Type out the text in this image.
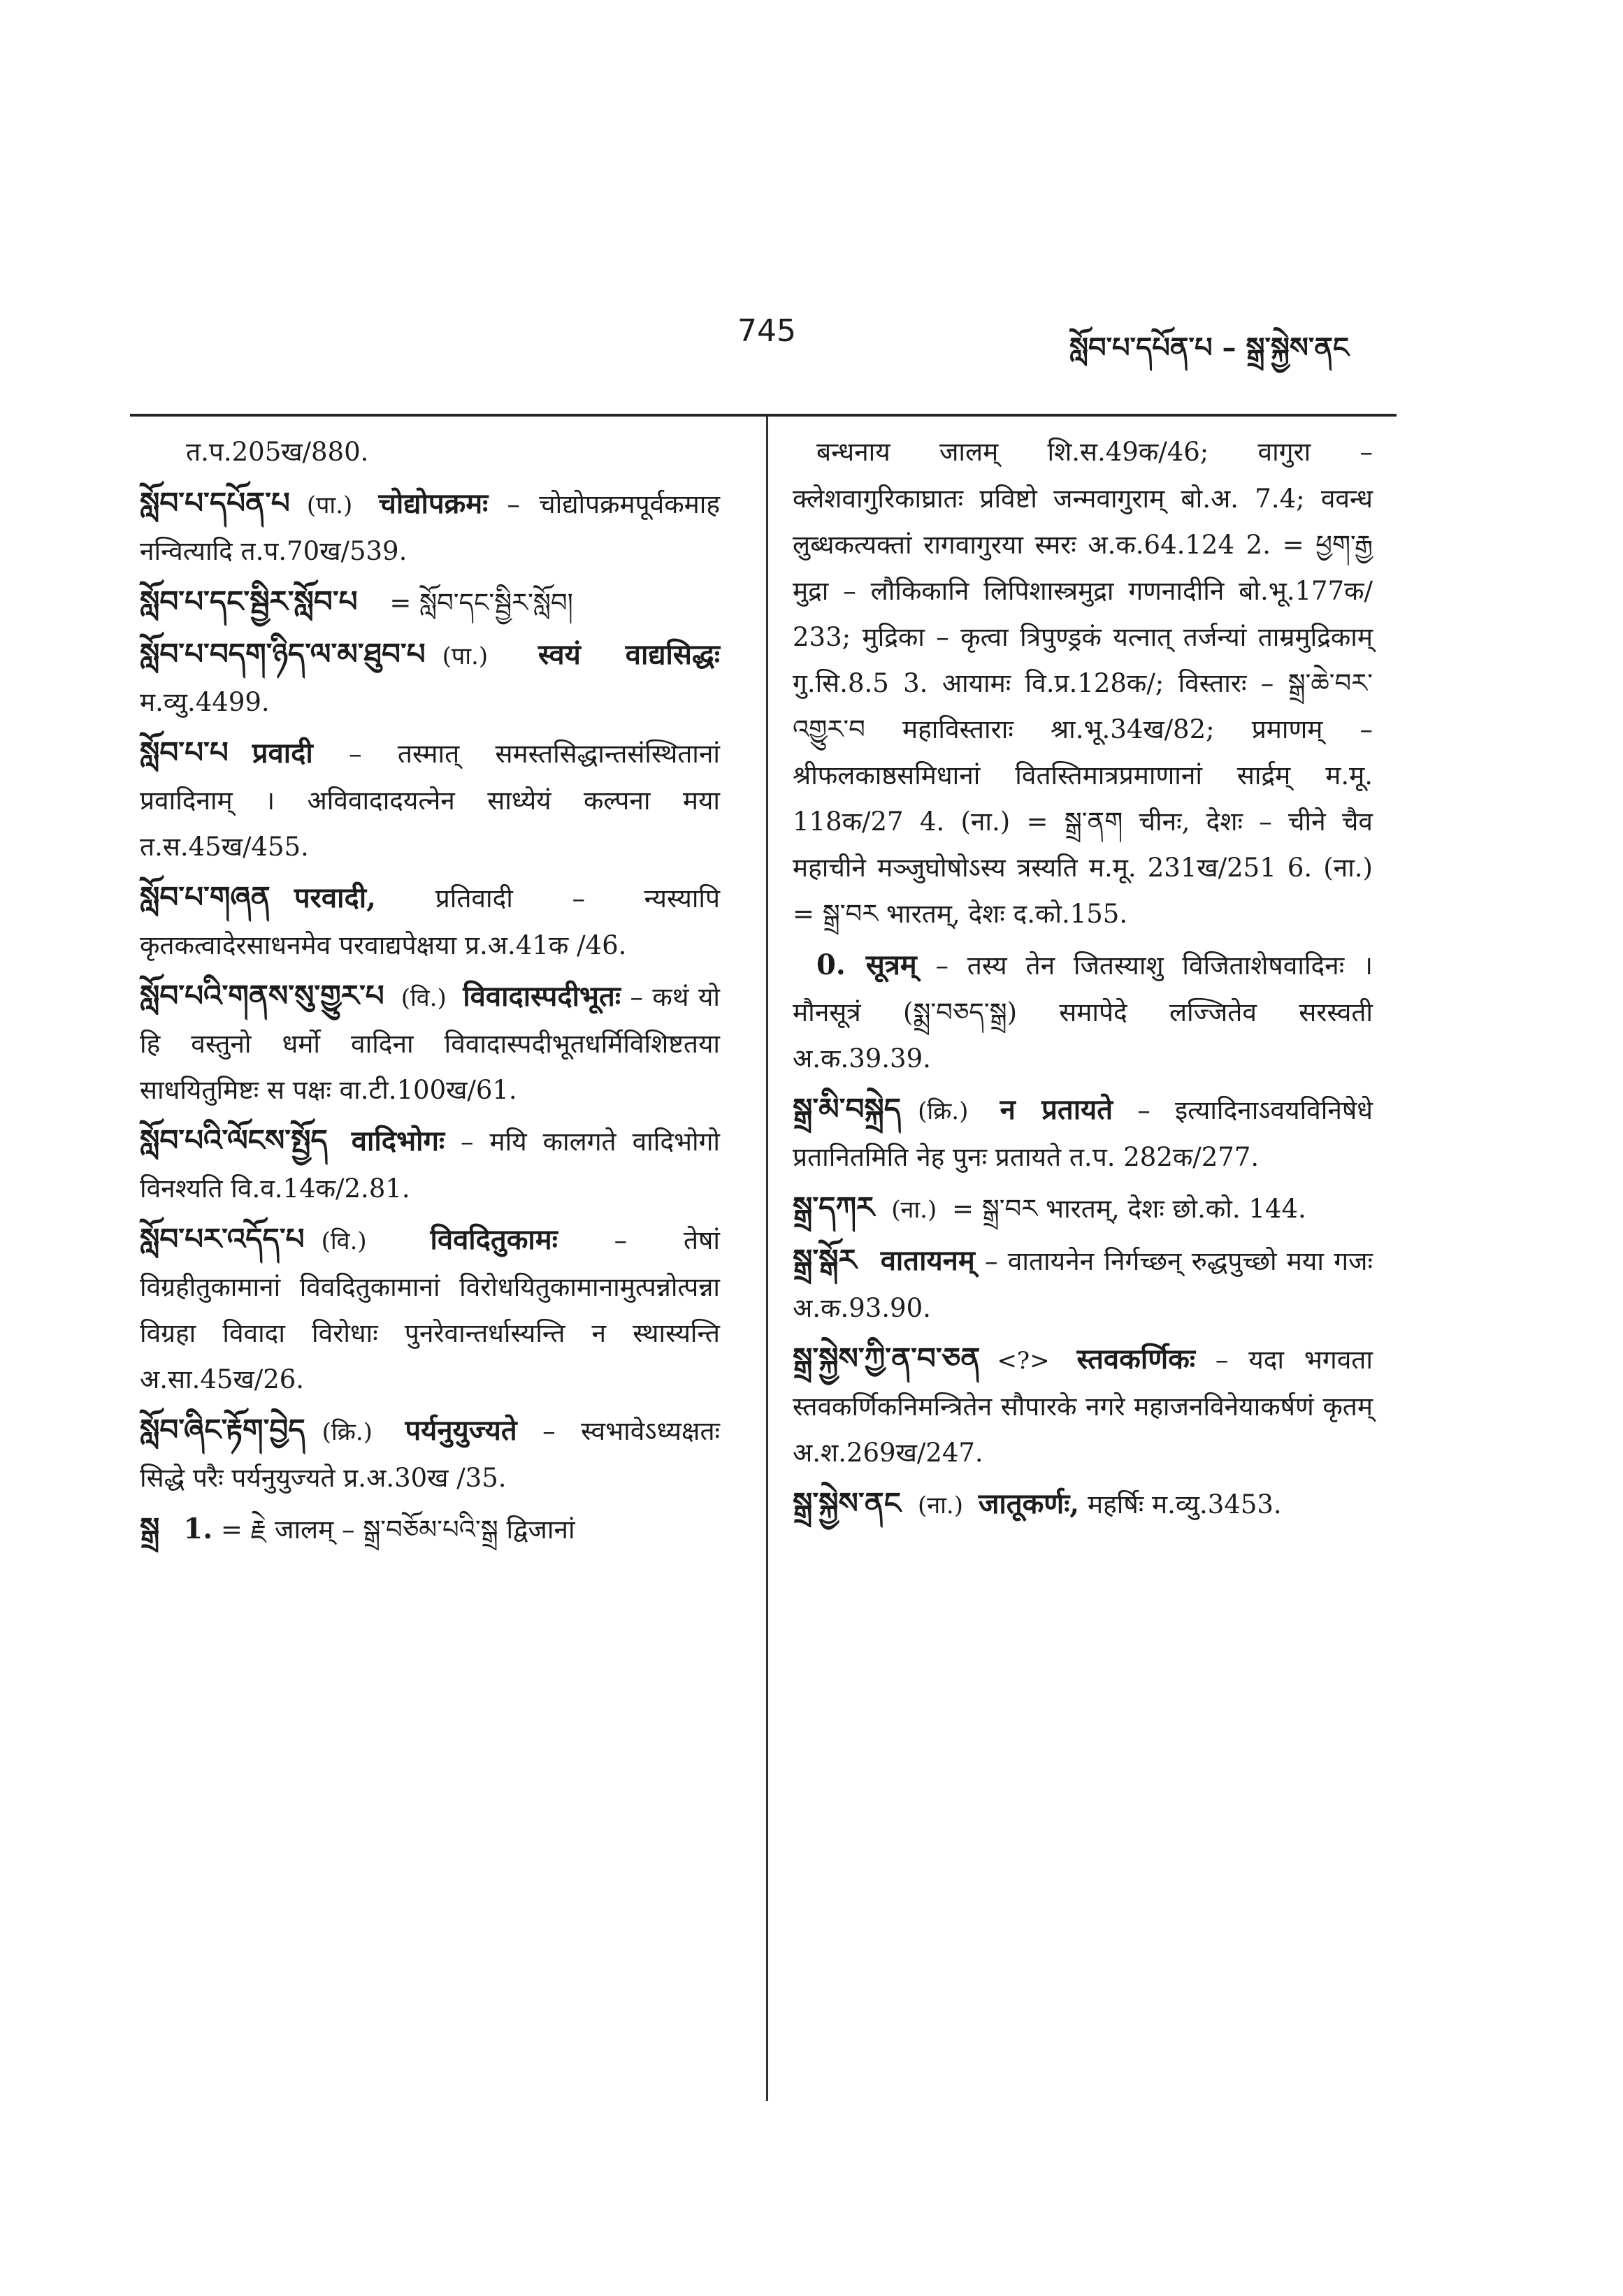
745	སློབ་པ་དཔོན་པ – སྒྲ་སྐྱེས་ནང
त.प.205ख/880.
སློབ་པ་དཔོན་པ (पा.) चोद्योपक्रमः – चोद्योपक्रमपूर्वकमाह नन्वित्यादि त.प.70ख/539.
སློབ་པ་དང་སྦྱིར་སློབ་པ = སློབ་དང་སྦྱིར་སློབ།
སློབ་པ་བདག་ཉིད་ལ་མ་ཐུབ་པ (पा.) स्वयं वाद्यसिद्धः म.व्यु.4499.
སློབ་པ་པ प्रवादी – तस्मात् समस्तसिद्धान्तसंस्थितानां प्रवादिनाम् । अविवादादयत्नेन साध्येयं कल्पना मया त.स.45ख/455.
སློབ་པ་གཞན परवादी, प्रतिवादी – न्यस्यापि कृतकत्वादेरसाधनमेव परवाद्यपेक्षया प्र.अ.41क /46.
སློབ་པའི་གནས་སུ་གྱུར་པ (वि.) विवादास्पदीभूतः – कथं यो हि वस्तुनो धर्मो वादिना विवादास्पदीभूतधर्मिविशिष्टतया साधयितुमिष्टः स पक्षः वा.टी.100ख/61.
སློབ་པའི་ལོངས་སྤྱོད वादिभोगः – मयि कालगते वादिभोगो विनश्यति वि.व.14क/2.81.
སློབ་པར་འདོད་པ (वि.) विवदितुकामः – तेषां विग्रहीतुकामानां विवदितुकामानां विरोधयितुकामानामुत्पन्नोत्पन्ना विग्रहा विवादा विरोधाः पुनरेवान्तर्धास्यन्ति न स्थास्यन्ति अ.सा.45ख/26.
སློབ་ཞིང་རྟོག་བྱེད (क्रि.) पर्यनुयुज्यते – स्वभावेऽध्यक्षतः सिद्धे परैः पर्यनुयुज्यते प्र.अ.30ख /35.
སྒྲ 1. = རྗེ जालम् – སྒྲ་བཅོམ་པའི་སྒྲ द्विजानां
बन्धनाय जालम् शि.स.49क/46; वागुरा – क्लेशवागुरिकाघ्रातः प्रविष्टो जन्मवागुराम् बो.अ. 7.4; ववन्ध लुब्धकत्यक्तां रागवागुरया स्मरः अ.क.64.124 2. = ཕྱག་རྒྱ मुद्रा – लौकिकानि लिपिशास्त्रमुद्रा गणनादीनि बो.भू.177क/ 233; मुद्रिका – कृत्वा त्रिपुण्ड्रकं यत्नात् तर्जन्यां ताम्रमुद्रिकाम् गु.सि.8.5 3. आयामः वि.प्र.128क/; विस्तारः – སྒྲ་ཆེ་བར་འགྱུར་བ महाविस्ताराः श्रा.भू.34ख/82; प्रमाणम् – श्रीफलकाष्ठसमिधानां वितस्तिमात्रप्रमाणानां सार्द्रम् म.मू. 118क/27 4. (ना.) = སྒྲ་ནག चीनः, देशः – चीने चैव महाचीने मञ्जुघोषोऽस्य त्रस्यति म.मू. 231ख/251 6. (ना.) = སྒྲ་བར भारतम्, देशः द.को.155.
0. सूत्रम् – तस्य तेन जितस्याशु विजिताशेषवादिनः । मौनसूत्रं (སྨྲ་བཅད་སྒྲ) समापेदे लज्जितेव सरस्वती अ.क.39.39.
སྒྲ་མི་བསྐྲེད (क्रि.) न प्रतायते – इत्यादिनाऽवयविनिषेधे प्रतानितमिति नेह पुनः प्रतायते त.प. 282क/277.
སྒྲ་དཀར (ना.) = སྒྲ་བར भारतम्, देशः छो.को. 144.
སྒྲ་སྒོར वातायनम् – वातायनेन निर्गच्छन् रुद्धपुच्छो मया गजः अ.क.93.90.
སྒྲ་སྐྱེས་ཀྱི་ན་བ་ཅན <?> स्तवकर्णिकः – यदा भगवता स्तवकर्णिकनिमन्त्रितेन सौपारके नगरे महाजनविनेयाकर्षणं कृतम् अ.श.269ख/247.
སྒྲ་སྐྱེས་ནང (ना.) जातूकर्णः, महर्षिः म.व्यु.3453.
